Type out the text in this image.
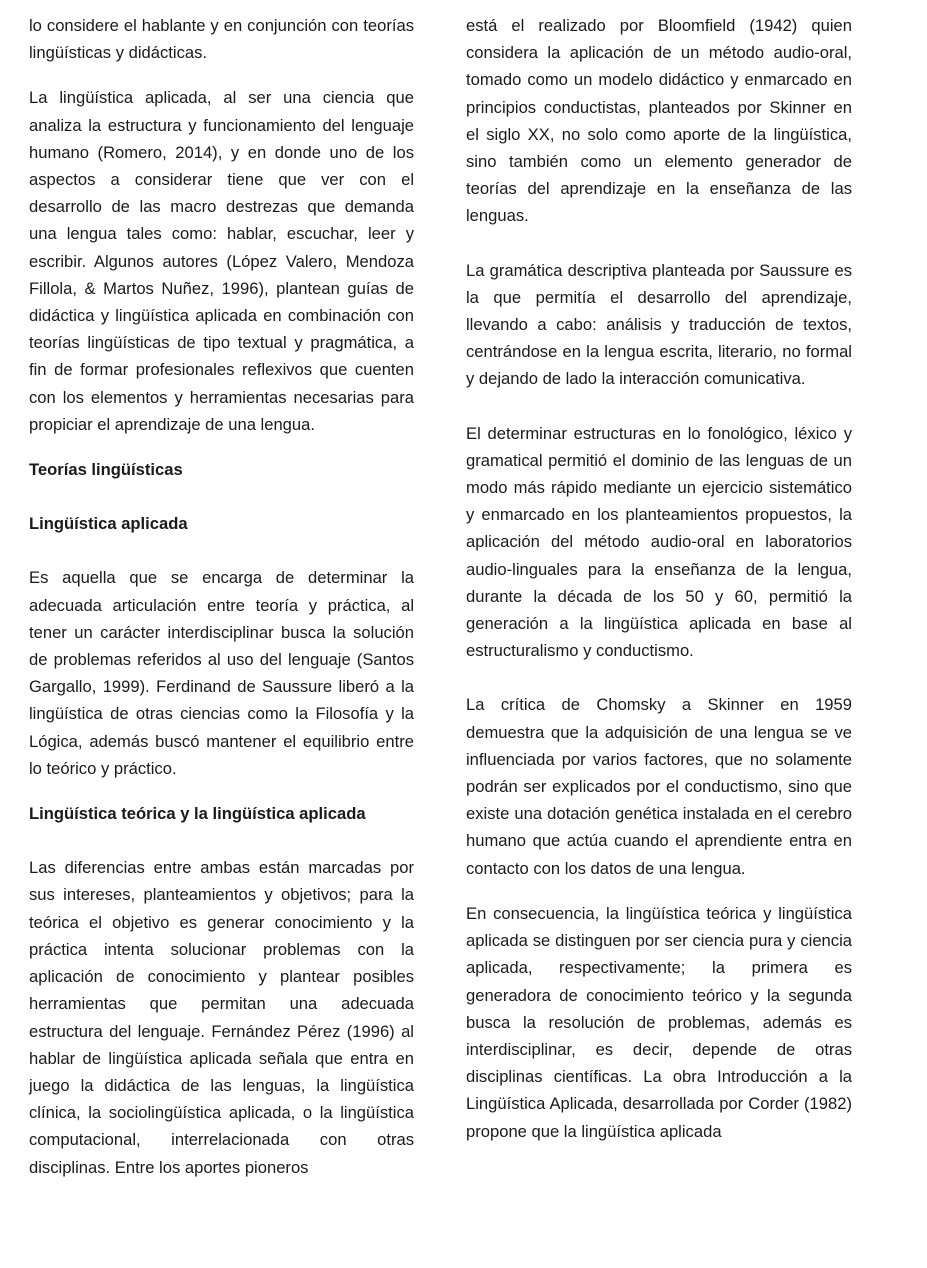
lo considere el hablante y en conjunción con teorías lingüísticas y didácticas.

La lingüística aplicada, al ser una ciencia que analiza la estructura y funcionamiento del lenguaje humano (Romero, 2014), y en donde uno de los aspectos a considerar tiene que ver con el desarrollo de las macro destrezas que demanda una lengua tales como: hablar, escuchar, leer y escribir. Algunos autores (López Valero, Mendoza Fillola, & Martos Nuñez, 1996), plantean guías de didáctica y lingüística aplicada en combinación con teorías lingüísticas de tipo textual y pragmática, a fin de formar profesionales reflexivos que cuenten con los elementos y herramientas necesarias para propiciar el aprendizaje de una lengua.

Teorías lingüísticas
Lingüística aplicada

Es aquella que se encarga de determinar la adecuada articulación entre teoría y práctica, al tener un carácter interdisciplinar busca la solución de problemas referidos al uso del lenguaje (Santos Gargallo, 1999). Ferdinand de Saussure liberó a la lingüística de otras ciencias como la Filosofía y la Lógica, además buscó mantener el equilibrio entre lo teórico y práctico.

Lingüística teórica y la lingüística aplicada

Las diferencias entre ambas están marcadas por sus intereses, planteamientos y objetivos; para la teórica el objetivo es generar conocimiento y la práctica intenta solucionar problemas con la aplicación de conocimiento y plantear posibles herramientas que permitan una adecuada estructura del lenguaje. Fernández Pérez (1996) al hablar de lingüística aplicada señala que entra en juego la didáctica de las lenguas, la lingüística clínica, la sociolingüística aplicada, o la lingüística computacional, interrelacionada con otras disciplinas. Entre los aportes pioneros

está el realizado por Bloomfield (1942) quien considera la aplicación de un método audio-oral, tomado como un modelo didáctico y enmarcado en principios conductistas, planteados por Skinner en el siglo XX, no solo como aporte de la lingüística, sino también como un elemento generador de teorías del aprendizaje en la enseñanza de las lenguas.

La gramática descriptiva planteada por Saussure es la que permitía el desarrollo del aprendizaje, llevando a cabo: análisis y traducción de textos, centrándose en la lengua escrita, literario, no formal y dejando de lado la interacción comunicativa.

El determinar estructuras en lo fonológico, léxico y gramatical permitió el dominio de las lenguas de un modo más rápido mediante un ejercicio sistemático y enmarcado en los planteamientos propuestos, la aplicación del método audio-oral en laboratorios audio-linguales para la enseñanza de la lengua, durante la década de los 50 y 60, permitió la generación a la lingüística aplicada en base al estructuralismo y conductismo.

La crítica de Chomsky a Skinner en 1959 demuestra que la adquisición de una lengua se ve influenciada por varios factores, que no solamente podrán ser explicados por el conductismo, sino que existe una dotación genética instalada en el cerebro humano que actúa cuando el aprendiente entra en contacto con los datos de una lengua.

En consecuencia, la lingüística teórica y lingüística aplicada se distinguen por ser ciencia pura y ciencia aplicada, respectivamente; la primera es generadora de conocimiento teórico y la segunda busca la resolución de problemas, además es interdisciplinar, es decir, depende de otras disciplinas científicas. La obra Introducción a la Lingüística Aplicada, desarrollada por Corder (1982) propone que la lingüística aplicada
